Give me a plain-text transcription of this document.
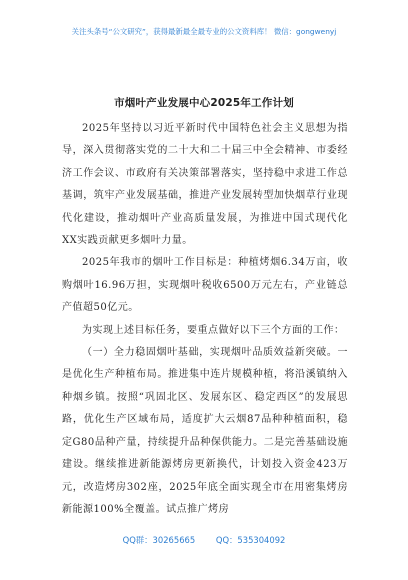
关注头条号“公文研究”，获得最新最全最专业的公文资料库！ 微信：gongwenyj
市烟叶产业发展中心2025年工作计划

2025年坚持以习近平新时代中国特色社会主义思想为指导，深入贯彻落实党的二十大和二十届三中全会精神、市委经济工作会议、市政府有关决策部署落实，坚持稳中求进工作总基调，筑牢产业发展基础，推进产业发展转型加快烟草行业现代化建设，推动烟叶产业高质量发展，为推进中国式现代化XX实践贡献更多烟叶力量。

2025年我市的烟叶工作目标是：种植烤烟6.34万亩，收购烟叶16.96万担，实现烟叶税收6500万元左右，产业链总产值超50亿元。

为实现上述目标任务，要重点做好以下三个方面的工作：

（一）全力稳固烟叶基础，实现烟叶品质效益新突破。一是优化生产种植布局。推进集中连片规模种植，将沿溪镇纳入种烟乡镇。按照“巩固北区、发展东区、稳定西区”的发展思路，优化生产区域布局，适度扩大云烟87品种种植面积，稳定G80品种产量，持续提升品种保供能力。二是完善基础设施建设。继续推进新能源烤房更新换代，计划投入资金423万元，改造烤房302座，2025年底全面实现全市在用密集烤房新能源100%全覆盖。试点推广烤房

QQ群：30265665 QQ：535304092
